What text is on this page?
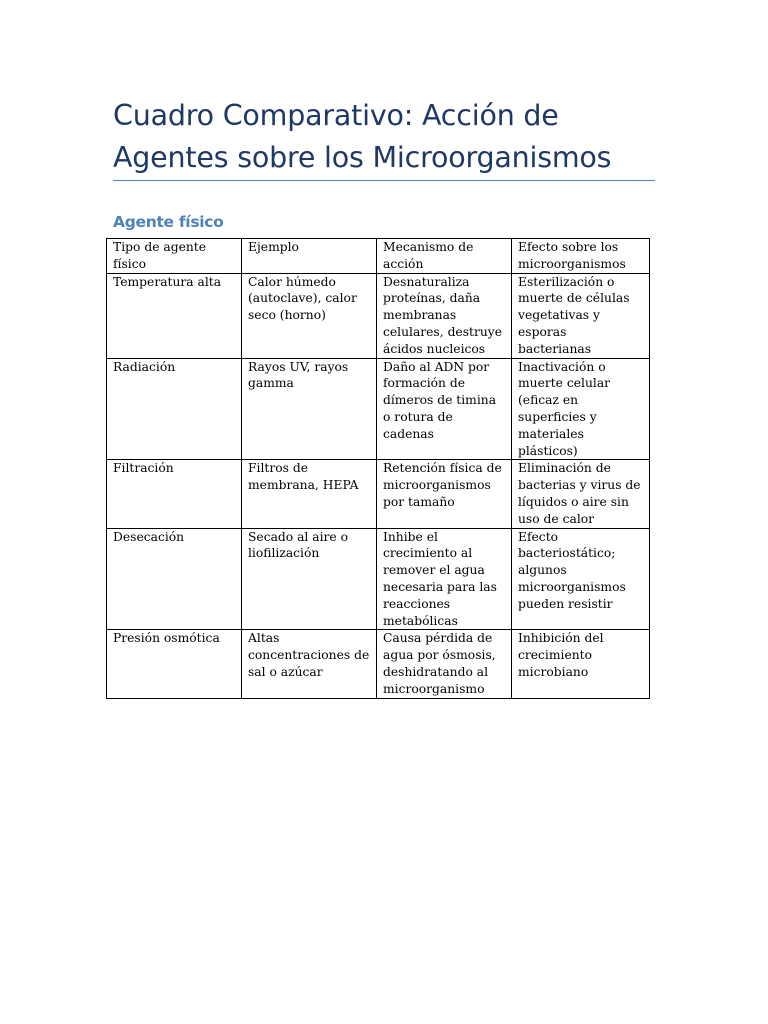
Cuadro Comparativo: Acción de Agentes sobre los Microorganismos
Agente físico
Tipo de agente físico	Ejemplo	Mecanismo de acción	Efecto sobre los microorganismos
Temperatura alta	Calor húmedo (autoclave), calor seco (horno)	Desnaturaliza proteínas, daña membranas celulares, destruye ácidos nucleicos	Esterilización o muerte de células vegetativas y esporas bacterianas
Radiación	Rayos UV, rayos gamma	Daño al ADN por formación de dímeros de timina o rotura de cadenas	Inactivación o muerte celular (eficaz en superficies y materiales plásticos)
Filtración	Filtros de membrana, HEPA	Retención física de microorganismos por tamaño	Eliminación de bacterias y virus de líquidos o aire sin uso de calor
Desecación	Secado al aire o liofilización	Inhibe el crecimiento al remover el agua necesaria para las reacciones metabólicas	Efecto bacteriostático; algunos microorganismos pueden resistir
Presión osmótica	Altas concentraciones de sal o azúcar	Causa pérdida de agua por ósmosis, deshidratando al microorganismo	Inhibición del crecimiento microbiano
